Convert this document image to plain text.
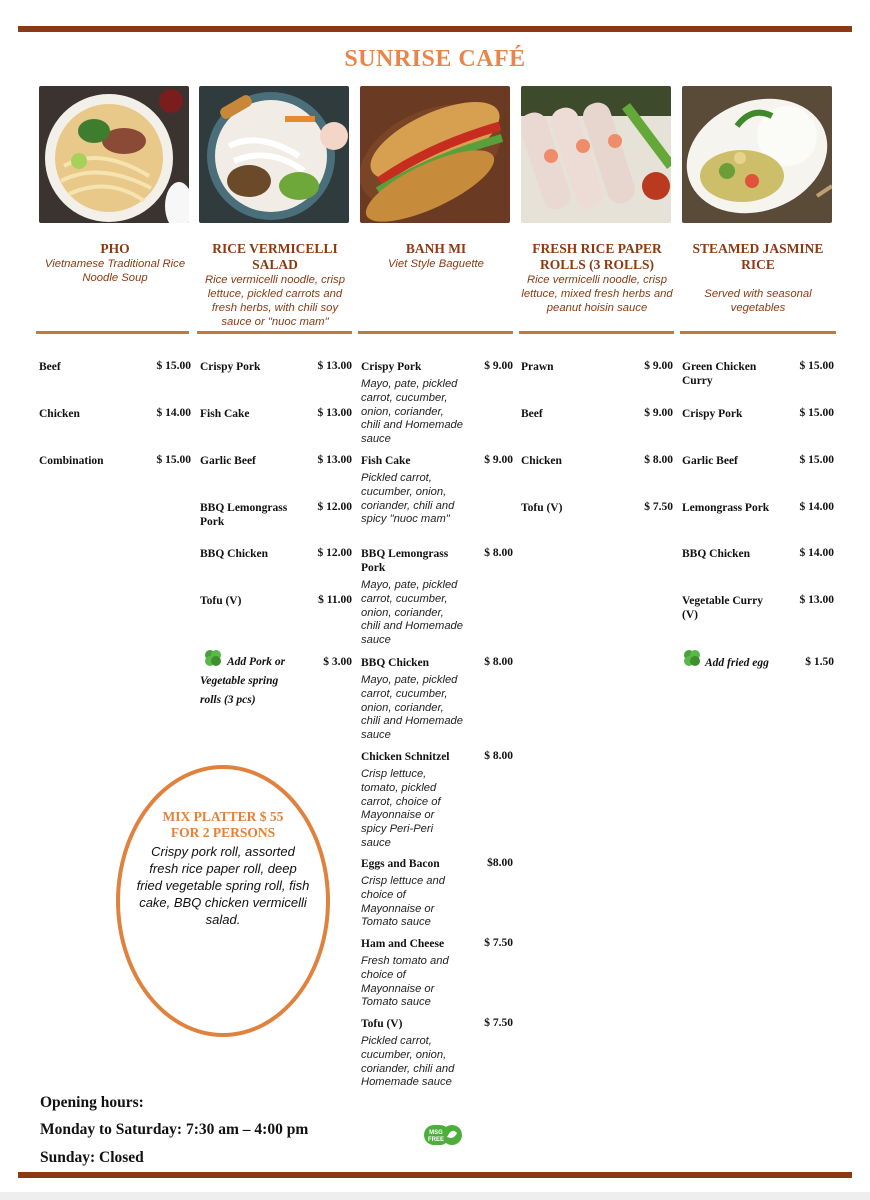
SUNRISE CAFÉ
PHO
Vietnamese Traditional Rice Noodle Soup
RICE VERMICELLI SALAD
Rice vermicelli noodle, crisp lettuce, pickled carrots and fresh herbs, with chili soy sauce or "nuoc mam"
BANH MI
Viet Style Baguette
FRESH RICE PAPER ROLLS (3 ROLLS)
Rice vermicelli noodle, crisp lettuce, mixed fresh herbs and peanut hoisin sauce
STEAMED JASMINE RICE
Served with seasonal vegetables
Beef	$ 15.00
Chicken	$ 14.00
Combination	$ 15.00
Crispy Pork	$ 13.00
Fish Cake	$ 13.00
Garlic Beef	$ 13.00
BBQ Lemongrass Pork
$ 12.00
BBQ Chicken	$ 12.00
Tofu (V)	$ 11.00
Add Pork or Vegetable spring rolls (3 pcs)
$ 3.00
Crispy Pork	$ 9.00
Mayo, pate, pickled carrot, cucumber, onion, coriander, chili and Homemade sauce
Fish Cake	$ 9.00
Pickled carrot, cucumber, onion, coriander, chili and spicy "nuoc mam"
BBQ Lemongrass Pork
$ 8.00
Mayo, pate, pickled carrot, cucumber, onion, coriander, chili and Homemade sauce
BBQ Chicken	$ 8.00
Mayo, pate, pickled carrot, cucumber, onion, coriander, chili and Homemade sauce
Chicken Schnitzel	$ 8.00
Crisp lettuce, tomato, pickled carrot, choice of Mayonnaise or spicy Peri-Peri sauce
Eggs and Bacon	$8.00
Crisp lettuce and choice of Mayonnaise or Tomato sauce
Ham and Cheese	$ 7.50
Fresh tomato and choice of Mayonnaise or Tomato sauce
Tofu (V)	$ 7.50
Pickled carrot, cucumber, onion, coriander, chili and Homemade sauce
Prawn	$ 9.00
Beef	$ 9.00
Chicken	$ 8.00
Tofu (V)	$ 7.50
Green Chicken Curry
$ 15.00
Crispy Pork	$ 15.00
Garlic Beef	$ 15.00
Lemongrass Pork	$ 14.00
BBQ Chicken	$ 14.00
Vegetable Curry (V)
$ 13.00
Add fried egg	$ 1.50
MIX PLATTER $ 55 FOR 2 PERSONS
Crispy pork roll, assorted fresh rice paper roll, deep fried vegetable spring roll, fish cake, BBQ chicken vermicelli salad.
Opening hours:
Monday to Saturday: 7:30 am – 4:00 pm
Sunday: Closed
MSG
FREE
